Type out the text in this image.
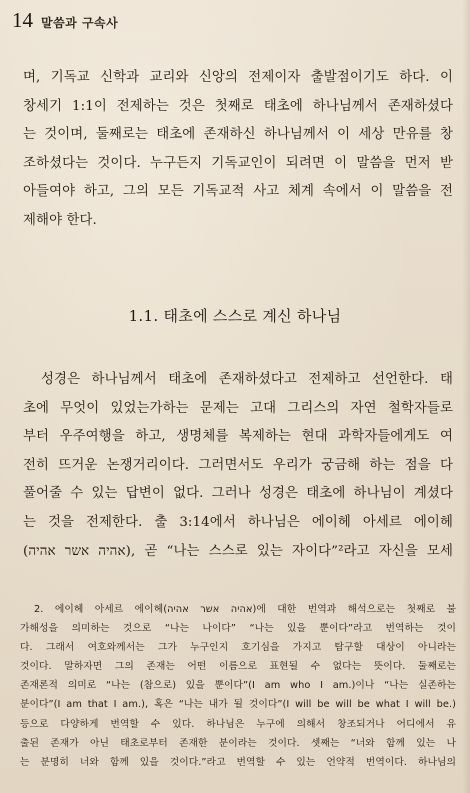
14 말씀과 구속사
며, 기독교 신학과 교리와 신앙의 전제이자 출발점이기도 하다. 이
창세기 1:1이 전제하는 것은 첫째로 태초에 하나님께서 존재하셨다
는 것이며, 둘째로는 태초에 존재하신 하나님께서 이 세상 만유를 창
조하셨다는 것이다. 누구든지 기독교인이 되려면 이 말씀을 먼저 받
아들여야 하고, 그의 모든 기독교적 사고 체계 속에서 이 말씀을 전
제해야 한다.
1.1. 태초에 스스로 계신 하나님
성경은 하나님께서 태초에 존재하셨다고 전제하고 선언한다. 태
초에 무엇이 있었는가하는 문제는 고대 그리스의 자연 철학자들로
부터 우주여행을 하고, 생명체를 복제하는 현대 과학자들에게도 여
전히 뜨거운 논쟁거리이다. 그러면서도 우리가 궁금해 하는 점을 다
풀어줄 수 있는 답변이 없다. 그러나 성경은 태초에 하나님이 계셨다
는 것을 전제한다. 출 3:14에서 하나님은 에이헤 아세르 에이헤
(אהיה אשר אהיה), 곧 “나는 스스로 있는 자이다”²라고 자신을 모세
2. 에이헤 아세르 에이헤(אהיה אשר אהיה)에 대한 번역과 해석으로는 첫째로 불
가해성을 의미하는 것으로 “나는 나이다” “나는 있을 뿐이다”라고 번역하는 것이
다. 그래서 여호와께서는 그가 누구인지 호기심을 가지고 탐구할 대상이 아니라는
것이다. 말하자면 그의 존재는 어떤 이름으로 표현될 수 없다는 뜻이다. 둘째로는
존재론적 의미로 “나는 (참으로) 있을 뿐이다”(I am who I am.)이나 “나는 실존하는
분이다”(I am that I am.), 혹은 “나는 내가 될 것이다”(I will be will be what I will be.)
등으로 다양하게 번역할 수 있다. 하나님은 누구에 의해서 창조되거나 어디에서 유
출된 존재가 아닌 태초로부터 존재한 분이라는 것이다. 셋째는 “너와 함께 있는 나
는 분명히 너와 함께 있을 것이다.”라고 번역할 수 있는 언약적 번역이다. 하나님의
